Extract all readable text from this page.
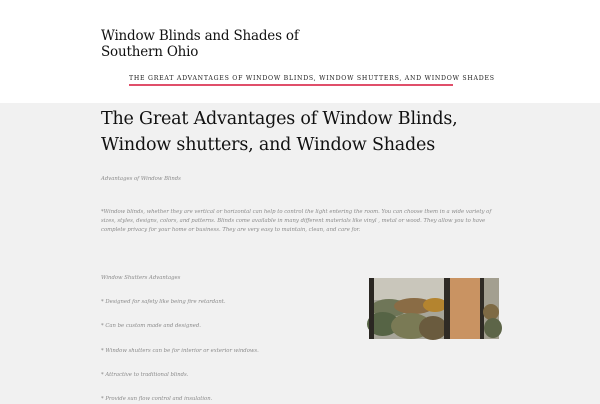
Window Blinds and Shades of Southern Ohio
THE GREAT ADVANTAGES OF WINDOW BLINDS, WINDOW SHUTTERS, AND WINDOW SHADES
The Great Advantages of Window Blinds, Window shutters, and Window Shades
Advantages of Window Blinds

*Window blinds, whether they are vertical or horizontal can help to control the light entering the room. You can choose them in a wide variety of sizes, styles, designs, colors, and patterns. Blinds come available in many different materials like vinyl , metal or wood. They allow you to have complete privacy for your home or business. They are very easy to maintain, clean, and care for.

Window Shutters Advantages
* Designed for safety like being fire retardant.
* Can be custom made and designed.
* Window shutters can be for interior or exterior windows.
* Attractive to traditional blinds.
* Provide sun flow control and insulation.
